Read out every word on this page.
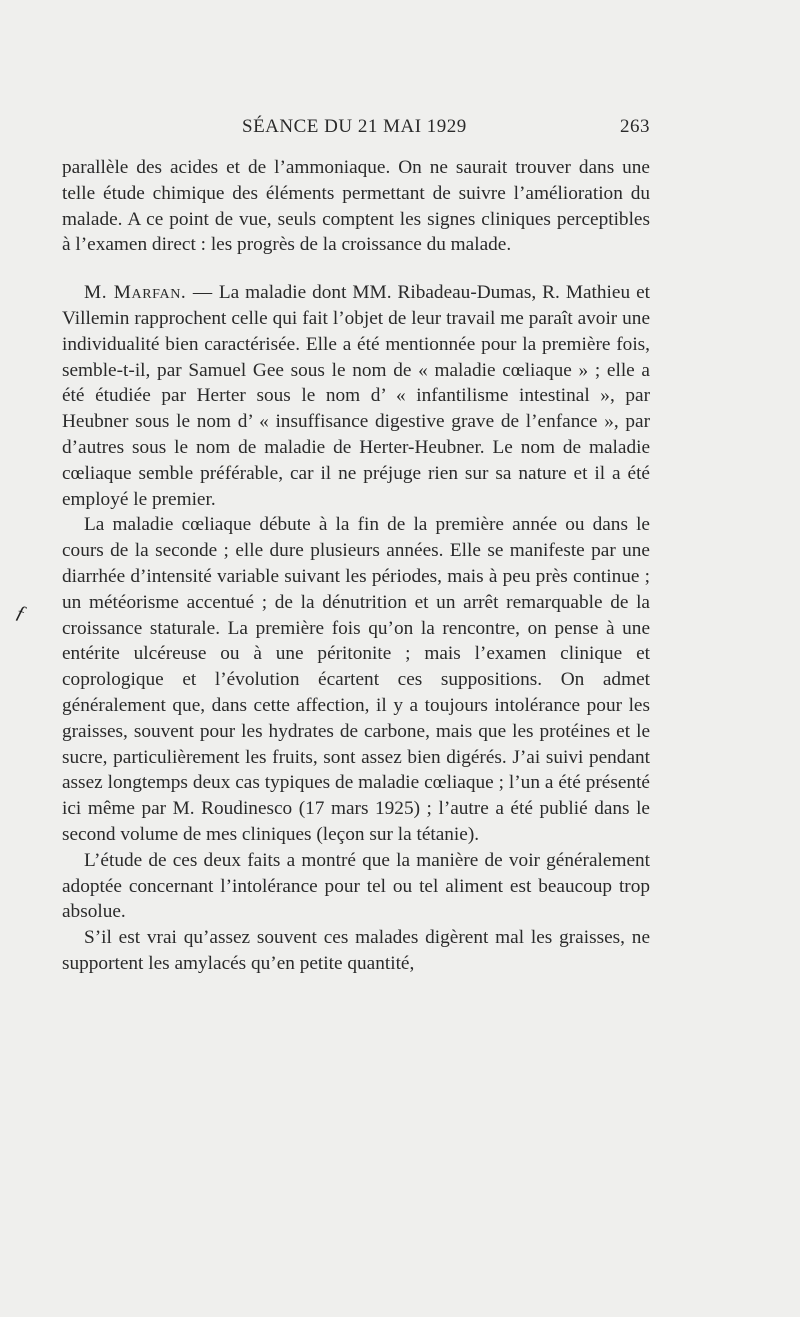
SÉANCE DU 21 MAI 1929	263

parallèle des acides et de l’ammoniaque. On ne saurait trouver dans une telle étude chimique des éléments permettant de suivre l’amélioration du malade. A ce point de vue, seuls comptent les signes cliniques perceptibles à l’examen direct : les progrès de la croissance du malade.

M. Marfan. — La maladie dont MM. Ribadeau-Dumas, R. Mathieu et Villemin rapprochent celle qui fait l’objet de leur travail me paraît avoir une individualité bien caractérisée. Elle a été mentionnée pour la première fois, semble-t-il, par Samuel Gee sous le nom de « maladie cœliaque » ; elle a été étudiée par Herter sous le nom d’ « infantilisme intestinal », par Heubner sous le nom d’ « insuffisance digestive grave de l’enfance », par d’autres sous le nom de maladie de Herter-Heubner. Le nom de maladie cœliaque semble préférable, car il ne préjuge rien sur sa nature et il a été employé le premier.

La maladie cœliaque débute à la fin de la première année ou dans le cours de la seconde ; elle dure plusieurs années. Elle se manifeste par une diarrhée d’intensité variable suivant les périodes, mais à peu près continue ; un météorisme accentué ; de la dénutrition et un arrêt remarquable de la croissance staturale. La première fois qu’on la rencontre, on pense à une entérite ulcéreuse ou à une péritonite ; mais l’examen clinique et coprologique et l’évolution écartent ces suppositions. On admet généralement que, dans cette affection, il y a toujours intolérance pour les graisses, souvent pour les hydrates de carbone, mais que les protéines et le sucre, particulièrement les fruits, sont assez bien digérés. J’ai suivi pendant assez longtemps deux cas typiques de maladie cœliaque ; l’un a été présenté ici même par M. Roudinesco (17 mars 1925) ; l’autre a été publié dans le second volume de mes cliniques (leçon sur la tétanie).

L’étude de ces deux faits a montré que la manière de voir généralement adoptée concernant l’intolérance pour tel ou tel aliment est beaucoup trop absolue.

S’il est vrai qu’assez souvent ces malades digèrent mal les graisses, ne supportent les amylacés qu’en petite quantité,

ƒ
